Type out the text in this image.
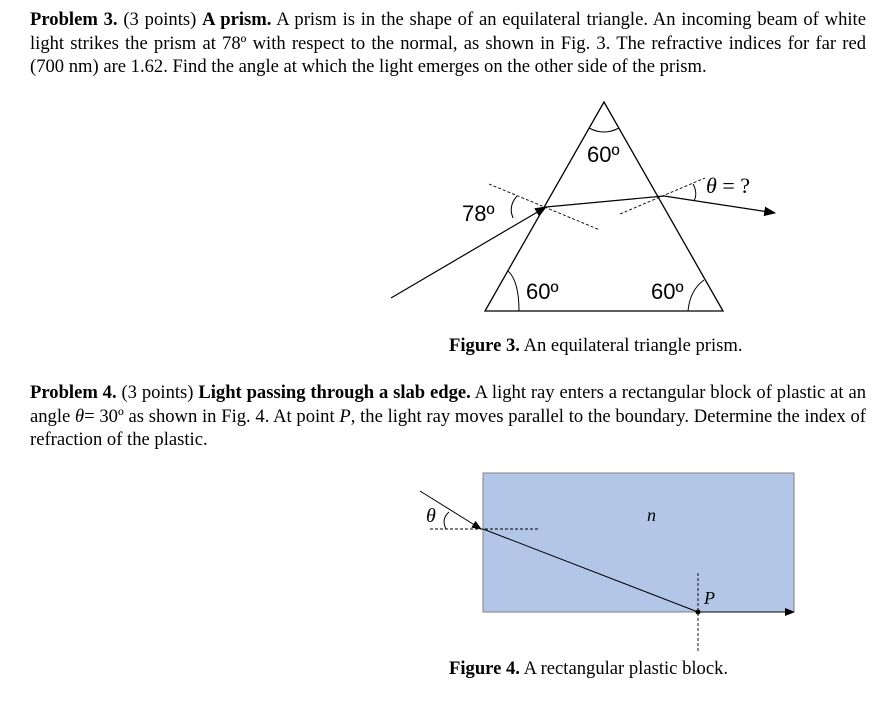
Problem 3. (3 points) A prism. A prism is in the shape of an equilateral triangle. An incoming beam of white light strikes the prism at 78º with respect to the normal, as shown in Fig. 3. The refractive indices for far red (700 nm) are 1.62. Find the angle at which the light emerges on the other side of the prism.
60º
78º
60º	60º
θ = ?
θ	n
P
Figure 3. An equilateral triangle prism.
Problem 4. (3 points) Light passing through a slab edge. A light ray enters a rectangular block of plastic at an angle θ= 30º as shown in Fig. 4. At point P, the light ray moves parallel to the boundary. Determine the index of refraction of the plastic.
Figure 4. A rectangular plastic block.
